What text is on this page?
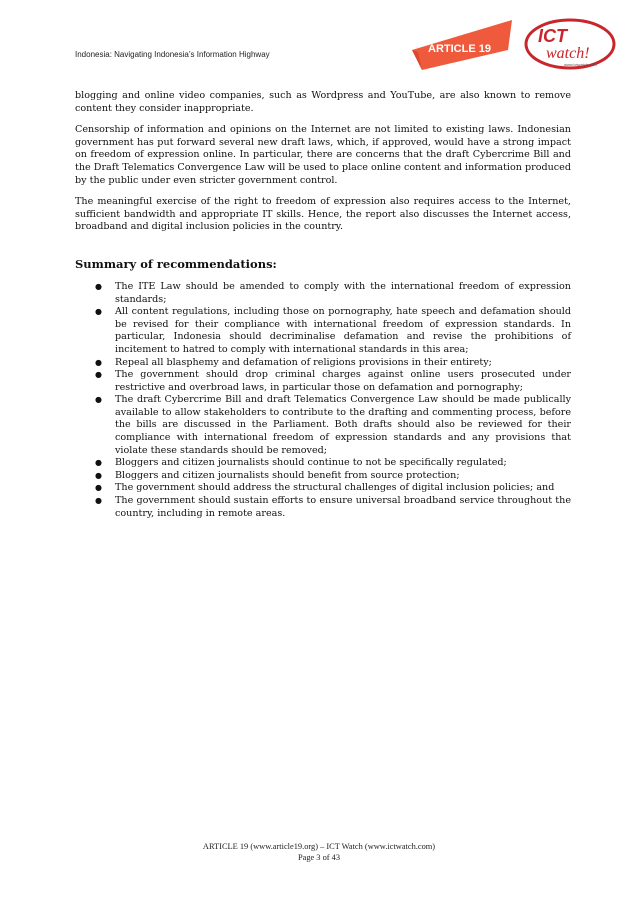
Indonesia: Navigating Indonesia’s Information Highway	ARTICLE 19
ICT
watch!
www.ictwatch.com

blogging and online video companies, such as Wordpress and YouTube, are also known to remove content they consider inappropriate.

Censorship of information and opinions on the Internet are not limited to existing laws. Indonesian government has put forward several new draft laws, which, if approved, would have a strong impact on freedom of expression online. In particular, there are concerns that the draft Cybercrime Bill and the Draft Telematics Convergence Law will be used to place online content and information produced by the public under even stricter government control.

The meaningful exercise of the right to freedom of expression also requires access to the Internet, sufficient bandwidth and appropriate IT skills. Hence, the report also discusses the Internet access, broadband and digital inclusion policies in the country.

Summary of recommendations:
● The ITE Law should be amended to comply with the international freedom of expression standards;
● All content regulations, including those on pornography, hate speech and defamation should be revised for their compliance with international freedom of expression standards. In particular, Indonesia should decriminalise defamation and revise the prohibitions of incitement to hatred to comply with international standards in this area;
● Repeal all blasphemy and defamation of religions provisions in their entirety;
● The government should drop criminal charges against online users prosecuted under restrictive and overbroad laws, in particular those on defamation and pornography;
● The draft Cybercrime Bill and draft Telematics Convergence Law should be made publically available to allow stakeholders to contribute to the drafting and commenting process, before the bills are discussed in the Parliament. Both drafts should also be reviewed for their compliance with international freedom of expression standards and any provisions that violate these standards should be removed;
● Bloggers and citizen journalists should continue to not be specifically regulated;
● Bloggers and citizen journalists should benefit from source protection;
● The government should address the structural challenges of digital inclusion policies; and
● The government should sustain efforts to ensure universal broadband service throughout the country, including in remote areas.
ARTICLE 19 (www.article19.org) – ICT Watch (www.ictwatch.com)
Page 3 of 43
